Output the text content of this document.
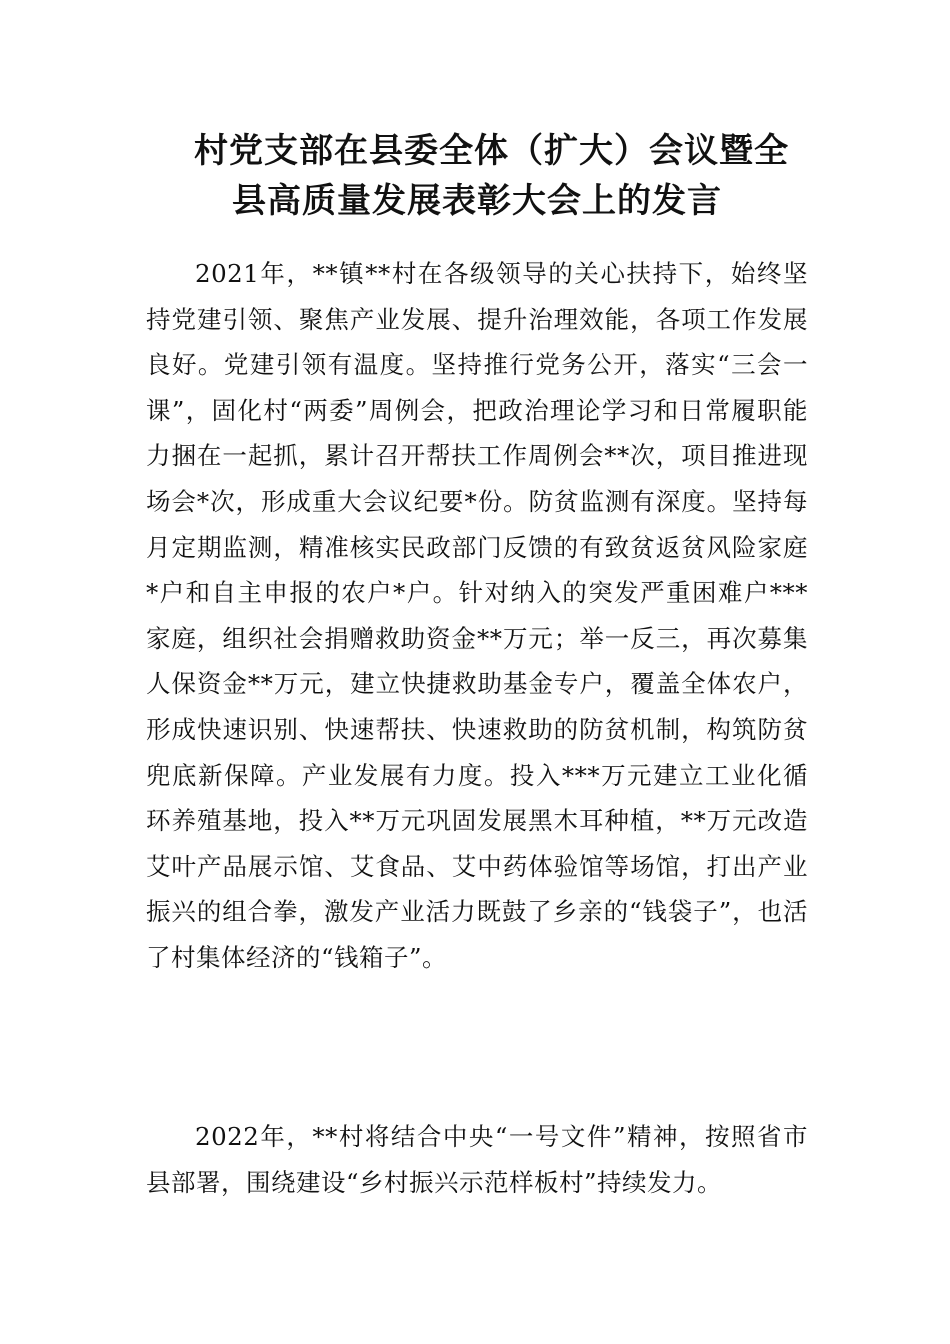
村党支部在县委全体（扩大）会议暨全
县高质量发展表彰大会上的发言

2021年，**镇**村在各级领导的关心扶持下，始终坚持党建引领、聚焦产业发展、提升治理效能，各项工作发展良好。党建引领有温度。坚持推行党务公开，落实“三会一课”，固化村“两委”周例会，把政治理论学习和日常履职能力捆在一起抓，累计召开帮扶工作周例会**次，项目推进现场会*次，形成重大会议纪要*份。防贫监测有深度。坚持每月定期监测，精准核实民政部门反馈的有致贫返贫风险家庭*户和自主申报的农户*户。针对纳入的突发严重困难户***家庭，组织社会捐赠救助资金**万元；举一反三，再次募集人保资金**万元，建立快捷救助基金专户，覆盖全体农户，形成快速识别、快速帮扶、快速救助的防贫机制，构筑防贫兜底新保障。产业发展有力度。投入***万元建立工业化循环养殖基地，投入**万元巩固发展黑木耳种植，**万元改造艾叶产品展示馆、艾食品、艾中药体验馆等场馆，打出产业振兴的组合拳，激发产业活力既鼓了乡亲的“钱袋子”，也活了村集体经济的“钱箱子”。

2022年，**村将结合中央“一号文件”精神，按照省市县部署，围绕建设“乡村振兴示范样板村”持续发力。
